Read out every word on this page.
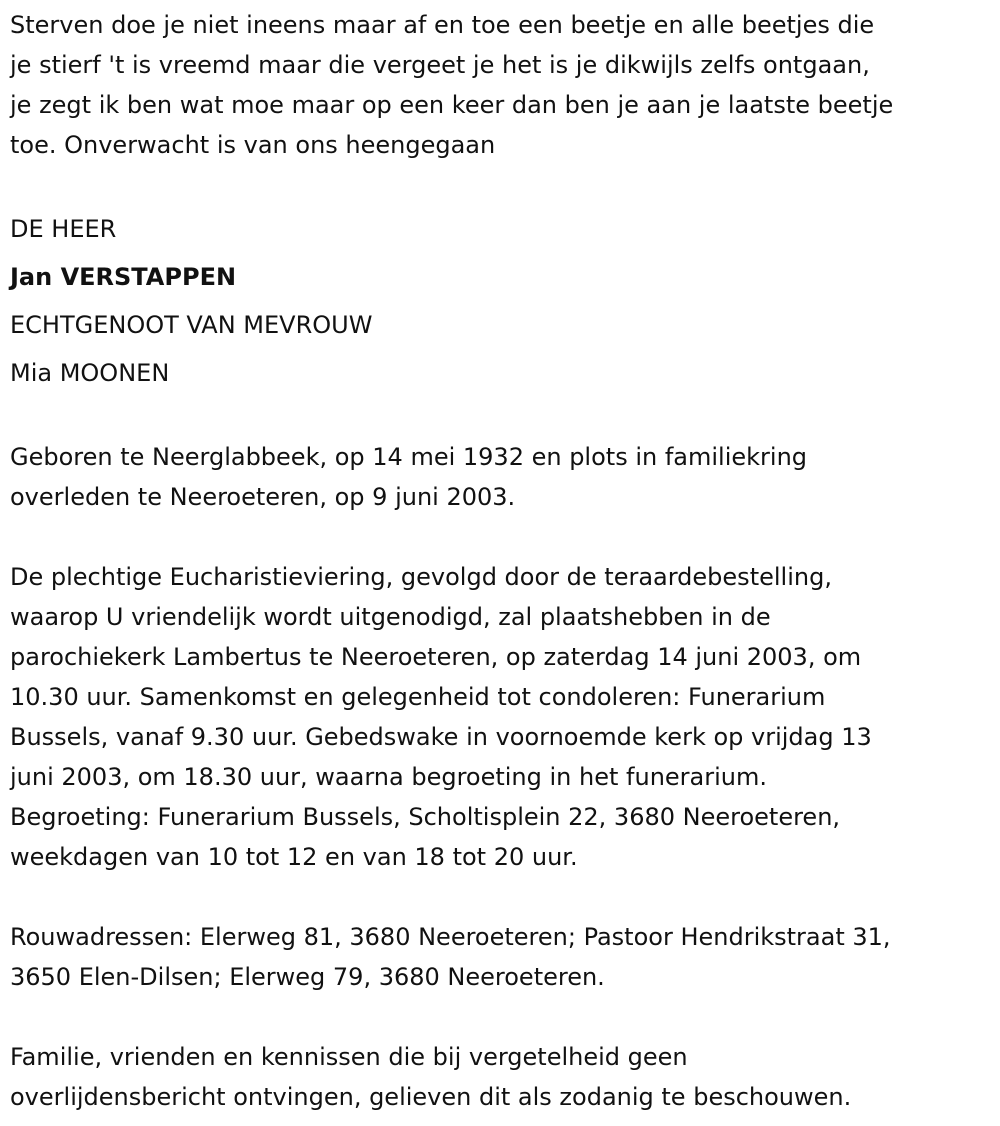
Sterven doe je niet ineens maar af en toe een beetje en alle beetjes die

je stierf 't is vreemd maar die vergeet je het is je dikwijls zelfs ontgaan,

je zegt ik ben wat moe maar op een keer dan ben je aan je laatste beetje

toe. Onverwacht is van ons heengegaan

DE HEER

Jan VERSTAPPEN

ECHTGENOOT VAN MEVROUW

Mia MOONEN

Geboren te Neerglabbeek, op 14 mei 1932 en plots in familiekring

overleden te Neeroeteren, op 9 juni 2003.

De plechtige Eucharistieviering, gevolgd door de teraardebestelling,

waarop U vriendelijk wordt uitgenodigd, zal plaatshebben in de

parochiekerk Lambertus te Neeroeteren, op zaterdag 14 juni 2003, om

10.30 uur. Samenkomst en gelegenheid tot condoleren: Funerarium

Bussels, vanaf 9.30 uur. Gebedswake in voornoemde kerk op vrijdag 13

juni 2003, om 18.30 uur, waarna begroeting in het funerarium.

Begroeting: Funerarium Bussels, Scholtisplein 22, 3680 Neeroeteren,

weekdagen van 10 tot 12 en van 18 tot 20 uur.

Rouwadressen: Elerweg 81, 3680 Neeroeteren; Pastoor Hendrikstraat 31,

3650 Elen-Dilsen; Elerweg 79, 3680 Neeroeteren.

Familie, vrienden en kennissen die bij vergetelheid geen

overlijdensbericht ontvingen, gelieven dit als zodanig te beschouwen.
